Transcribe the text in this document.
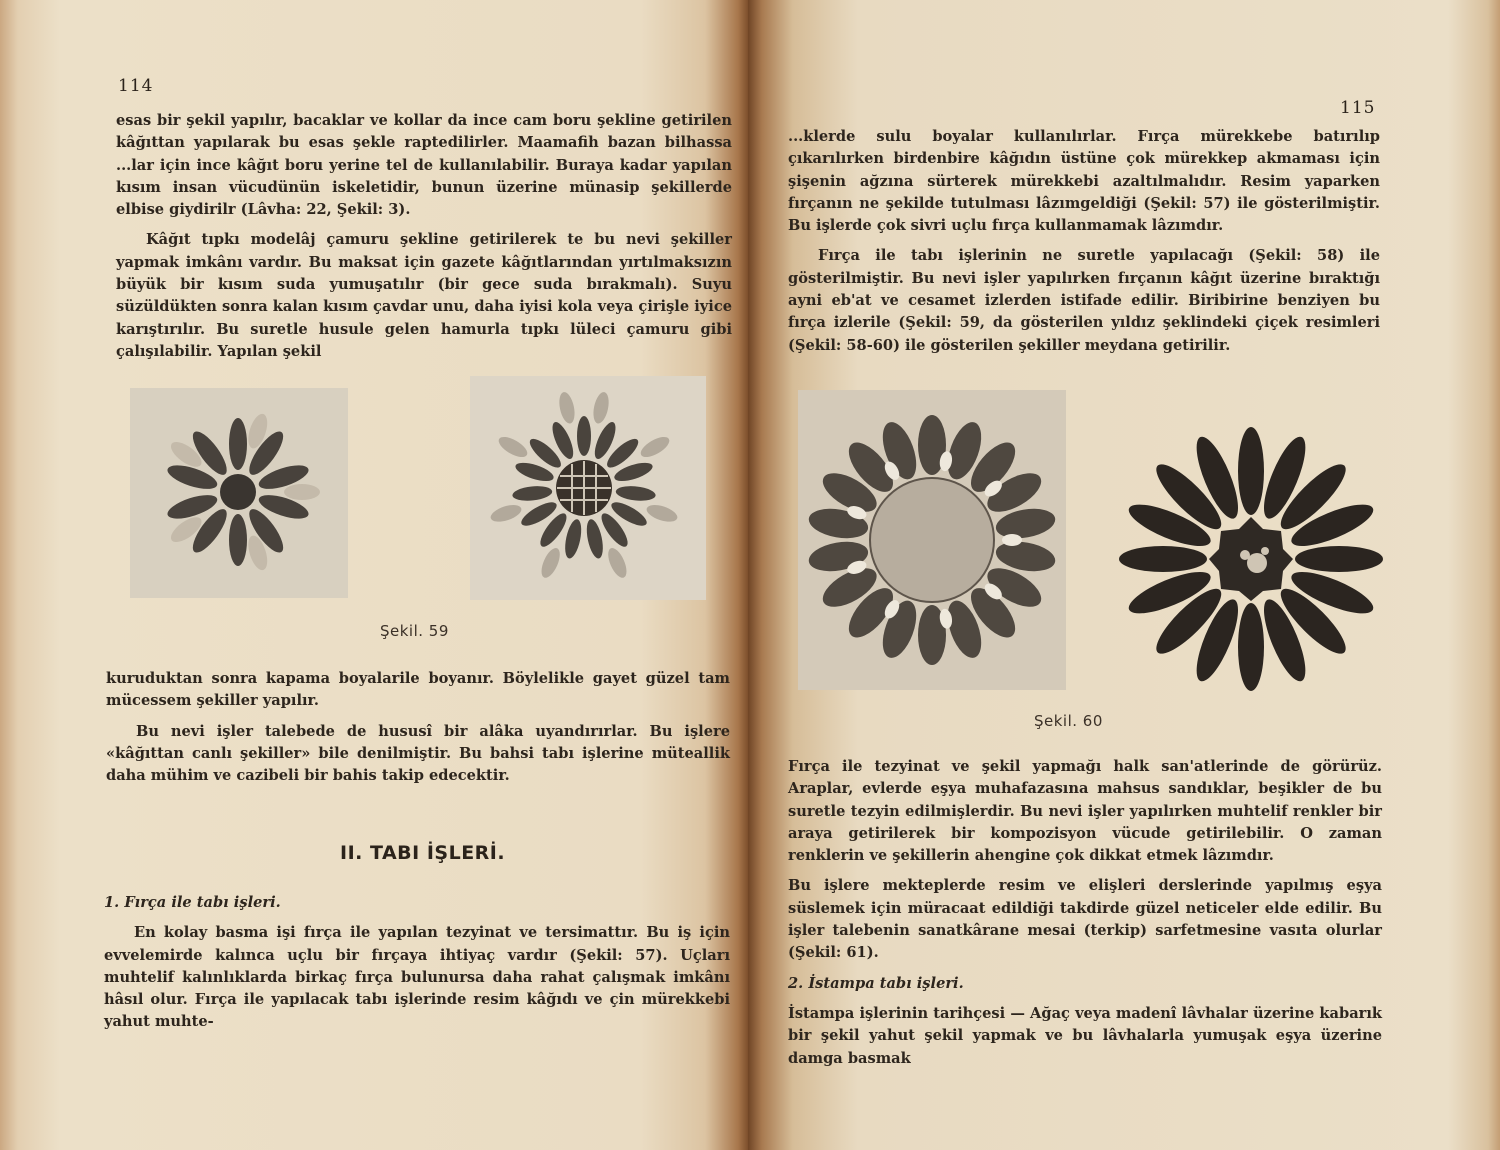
114

esas bir şekil yapılır, bacaklar ve kollar da ince cam boru şekline getirilen kâğıttan yapılarak bu esas şekle raptedilirler. Maamafih bazan bilhassa ...lar için ince kâğıt boru yerine tel de kullanılabilir. Buraya kadar yapılan kısım insan vücudünün iskeletidir, bunun üzerine münasip şekillerde elbise giydirilr (Lâvha: 22, Şekil: 3).

Kâğıt tıpkı modelâj çamuru şekline getirilerek te bu nevi şekiller yapmak imkânı vardır. Bu maksat için gazete kâğıtlarından yırtılmaksızın büyük bir kısım suda yumuşatılır (bir gece suda bırakmalı). Suyu süzüldükten sonra kalan kısım çavdar unu, daha iyisi kola veya çirişle iyice karıştırılır. Bu suretle husule gelen hamurla tıpkı lüleci çamuru gibi çalışılabilir. Yapılan şekil

Şekil. 59

kuruduktan sonra kapama boyalarile boyanır. Böylelikle gayet güzel tam mücessem şekiller yapılır.

Bu nevi işler talebede de hususî bir alâka uyandırırlar. Bu işlere «kâğıttan canlı şekiller» bile denilmiştir. Bu bahsi tabı işlerine müteallik daha mühim ve cazibeli bir bahis takip edecektir.

II. TABI İŞLERİ.

1. Fırça ile tabı işleri.

En kolay basma işi fırça ile yapılan tezyinat ve tersimattır. Bu iş için evvelemirde kalınca uçlu bir fırçaya ihtiyaç vardır (Şekil: 57). Uçları muhtelif kalınlıklarda birkaç fırça bulunursa daha rahat çalışmak imkânı hâsıl olur. Fırça ile yapılacak tabı işlerinde resim kâğıdı ve çin mürekkebi yahut muhte-

115

...klerde sulu boyalar kullanılırlar. Fırça mürekkebe batırılıp çıkarılırken birdenbire kâğıdın üstüne çok mürekkep akmaması için şişenin ağzına sürterek mürekkebi azaltılmalıdır. Resim yaparken fırçanın ne şekilde tutulması lâzımgeldiği (Şekil: 57) ile gösterilmiştir. Bu işlerde çok sivri uçlu fırça kullanmamak lâzımdır.

Fırça ile tabı işlerinin ne suretle yapılacağı (Şekil: 58) ile gösterilmiştir. Bu nevi işler yapılırken fırçanın kâğıt üzerine bıraktığı ayni eb'at ve cesamet izlerden istifade edilir. Biribirine benziyen bu fırça izlerile (Şekil: 59, da gösterilen yıldız şeklindeki çiçek resimleri (Şekil: 58-60) ile gösterilen şekiller meydana getirilir.

Şekil. 60

Fırça ile tezyinat ve şekil yapmağı halk san'atlerinde de görürüz. Araplar, evlerde eşya muhafazasına mahsus sandıklar, beşikler de bu suretle tezyin edilmişlerdir. Bu nevi işler yapılırken muhtelif renkler bir araya getirilerek bir kompozisyon vücude getirilebilir. O zaman renklerin ve şekillerin ahengine çok dikkat etmek lâzımdır.

Bu işlere mekteplerde resim ve elişleri derslerinde yapılmış eşya süslemek için müracaat edildiği takdirde güzel neticeler elde edilir. Bu işler talebenin sanatkârane mesai (terkip) sarfetmesine vasıta olurlar (Şekil: 61).

2. İstampa tabı işleri.

İstampa işlerinin tarihçesi — Ağaç veya madenî lâvhalar üzerine kabarık bir şekil yahut şekil yapmak ve bu lâvhalarla yumuşak eşya üzerine damga basmak
